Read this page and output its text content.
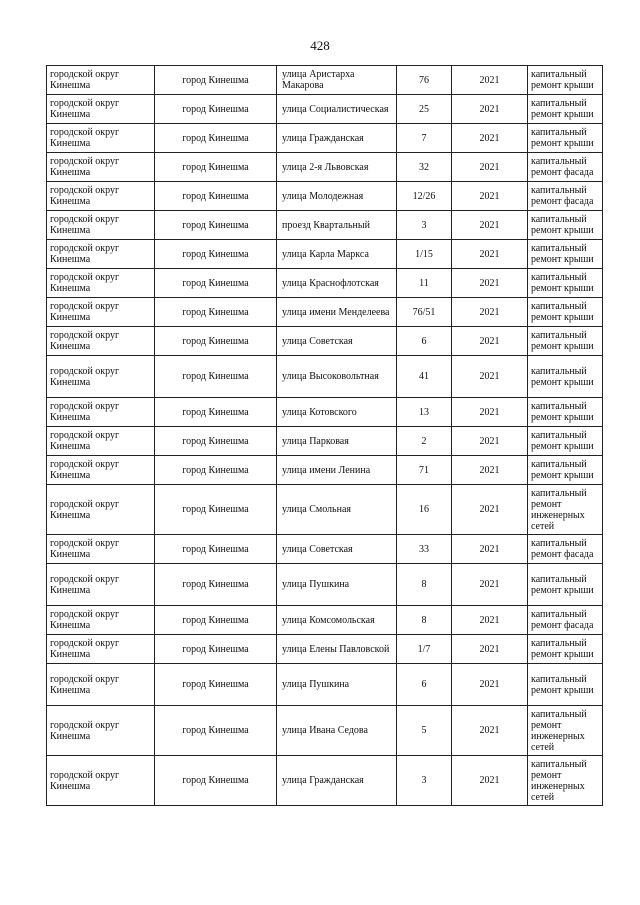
428
городской округ Кинешма	город Кинешма	улица Аристарха Макарова	76	2021	капитальный ремонт крыши
городской округ Кинешма	город Кинешма	улица Социалистическая	25	2021	капитальный ремонт крыши
городской округ Кинешма	город Кинешма	улица Гражданская	7	2021	капитальный ремонт крыши
городской округ Кинешма	город Кинешма	улица 2-я Львовская	32	2021	капитальный ремонт фасада
городской округ Кинешма	город Кинешма	улица Молодежная	12/26	2021	капитальный ремонт фасада
городской округ Кинешма	город Кинешма	проезд Квартальный	3	2021	капитальный ремонт крыши
городской округ Кинешма	город Кинешма	улица Карла Маркса	1/15	2021	капитальный ремонт крыши
городской округ Кинешма	город Кинешма	улица Краснофлотская	11	2021	капитальный ремонт крыши
городской округ Кинешма	город Кинешма	улица имени Менделеева	76/51	2021	капитальный ремонт крыши
городской округ Кинешма	город Кинешма	улица Советская	6	2021	капитальный ремонт крыши
городской округ Кинешма	город Кинешма	улица Высоковольтная	41	2021	капитальный ремонт крыши
городской округ Кинешма	город Кинешма	улица Котовского	13	2021	капитальный ремонт крыши
городской округ Кинешма	город Кинешма	улица Парковая	2	2021	капитальный ремонт крыши
городской округ Кинешма	город Кинешма	улица имени Ленина	71	2021	капитальный ремонт крыши
городской округ Кинешма	город Кинешма	улица Смольная	16	2021	капитальный ремонт инженерных сетей
городской округ Кинешма	город Кинешма	улица Советская	33	2021	капитальный ремонт фасада
городской округ Кинешма	город Кинешма	улица Пушкина	8	2021	капитальный ремонт крыши
городской округ Кинешма	город Кинешма	улица Комсомольская	8	2021	капитальный ремонт фасада
городской округ Кинешма	город Кинешма	улица Елены Павловской	1/7	2021	капитальный ремонт крыши
городской округ Кинешма	город Кинешма	улица Пушкина	6	2021	капитальный ремонт крыши
городской округ Кинешма	город Кинешма	улица Ивана Седова	5	2021	капитальный ремонт инженерных сетей
городской округ Кинешма	город Кинешма	улица Гражданская	3	2021	капитальный ремонт инженерных сетей
